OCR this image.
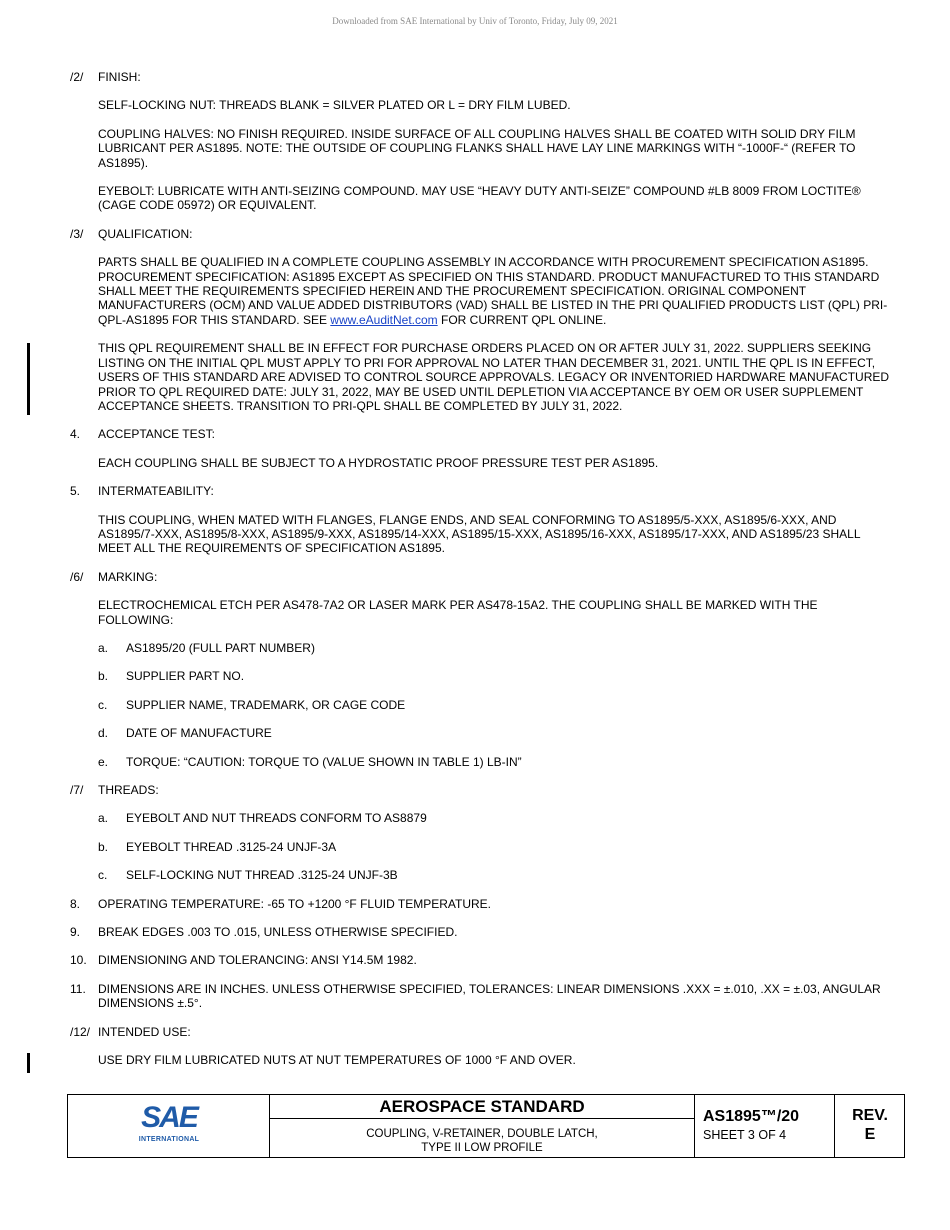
Downloaded from SAE International by Univ of Toronto, Friday, July 09, 2021
/2/ FINISH:

SELF-LOCKING NUT: THREADS BLANK = SILVER PLATED OR L = DRY FILM LUBED.

COUPLING HALVES: NO FINISH REQUIRED. INSIDE SURFACE OF ALL COUPLING HALVES SHALL BE COATED WITH SOLID DRY FILM LUBRICANT PER AS1895. NOTE: THE OUTSIDE OF COUPLING FLANKS SHALL HAVE LAY LINE MARKINGS WITH “-1000F-“ (REFER TO AS1895).

EYEBOLT: LUBRICATE WITH ANTI-SEIZING COMPOUND. MAY USE “HEAVY DUTY ANTI-SEIZE” COMPOUND #LB 8009 FROM LOCTITE® (CAGE CODE 05972) OR EQUIVALENT.

/3/ QUALIFICATION:

PARTS SHALL BE QUALIFIED IN A COMPLETE COUPLING ASSEMBLY IN ACCORDANCE WITH PROCUREMENT SPECIFICATION AS1895. PROCUREMENT SPECIFICATION: AS1895 EXCEPT AS SPECIFIED ON THIS STANDARD. PRODUCT MANUFACTURED TO THIS STANDARD SHALL MEET THE REQUIREMENTS SPECIFIED HEREIN AND THE PROCUREMENT SPECIFICATION. ORIGINAL COMPONENT MANUFACTURERS (OCM) AND VALUE ADDED DISTRIBUTORS (VAD) SHALL BE LISTED IN THE PRI QUALIFIED PRODUCTS LIST (QPL) PRI-QPL-AS1895 FOR THIS STANDARD. SEE www.eAuditNet.com FOR CURRENT QPL ONLINE.

THIS QPL REQUIREMENT SHALL BE IN EFFECT FOR PURCHASE ORDERS PLACED ON OR AFTER JULY 31, 2022. SUPPLIERS SEEKING LISTING ON THE INITIAL QPL MUST APPLY TO PRI FOR APPROVAL NO LATER THAN DECEMBER 31, 2021. UNTIL THE QPL IS IN EFFECT, USERS OF THIS STANDARD ARE ADVISED TO CONTROL SOURCE APPROVALS. LEGACY OR INVENTORIED HARDWARE MANUFACTURED PRIOR TO QPL REQUIRED DATE: JULY 31, 2022, MAY BE USED UNTIL DEPLETION VIA ACCEPTANCE BY OEM OR USER SUPPLEMENT ACCEPTANCE SHEETS. TRANSITION TO PRI-QPL SHALL BE COMPLETED BY JULY 31, 2022.

4. ACCEPTANCE TEST:

EACH COUPLING SHALL BE SUBJECT TO A HYDROSTATIC PROOF PRESSURE TEST PER AS1895.

5. INTERMATEABILITY:

THIS COUPLING, WHEN MATED WITH FLANGES, FLANGE ENDS, AND SEAL CONFORMING TO AS1895/5-XXX, AS1895/6-XXX, AND AS1895/7-XXX, AS1895/8-XXX, AS1895/9-XXX, AS1895/14-XXX, AS1895/15-XXX, AS1895/16-XXX, AS1895/17-XXX, AND AS1895/23 SHALL MEET ALL THE REQUIREMENTS OF SPECIFICATION AS1895.

/6/ MARKING:

ELECTROCHEMICAL ETCH PER AS478-7A2 OR LASER MARK PER AS478-15A2. THE COUPLING SHALL BE MARKED WITH THE FOLLOWING:

a. AS1895/20 (FULL PART NUMBER)
b. SUPPLIER PART NO.
c. SUPPLIER NAME, TRADEMARK, OR CAGE CODE
d. DATE OF MANUFACTURE
e. TORQUE: “CAUTION: TORQUE TO (VALUE SHOWN IN TABLE 1) LB-IN”
/7/ THREADS:

a. EYEBOLT AND NUT THREADS CONFORM TO AS8879
b. EYEBOLT THREAD .3125-24 UNJF-3A
c. SELF-LOCKING NUT THREAD .3125-24 UNJF-3B
8. OPERATING TEMPERATURE: -65 TO +1200 °F FLUID TEMPERATURE.

9. BREAK EDGES .003 TO .015, UNLESS OTHERWISE SPECIFIED.

10. DIMENSIONING AND TOLERANCING: ANSI Y14.5M 1982.

11. DIMENSIONS ARE IN INCHES. UNLESS OTHERWISE SPECIFIED, TOLERANCES: LINEAR DIMENSIONS .XXX = ±.010, .XX = ±.03, ANGULAR DIMENSIONS ±.5°.

/12/ INTENDED USE:

USE DRY FILM LUBRICATED NUTS AT NUT TEMPERATURES OF 1000 °F AND OVER.

SAE
INTERNATIONAL
AEROSPACE STANDARD
COUPLING, V-RETAINER, DOUBLE LATCH,
TYPE II LOW PROFILE
AS1895™/20
SHEET 3 OF 4
REV.
E
